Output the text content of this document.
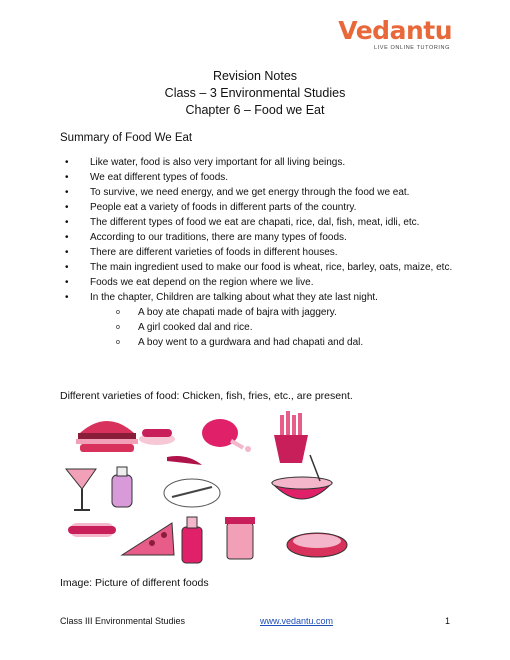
Vedantu
LIVE ONLINE TUTORING
Revision Notes
Class – 3 Environmental Studies
Chapter 6 – Food we Eat
Summary of Food We Eat
• Like water, food is also very important for all living beings.
• We eat different types of foods.
• To survive, we need energy, and we get energy through the food we eat.
• People eat a variety of foods in different parts of the country.
• The different types of food we eat are chapati, rice, dal, fish, meat, idli, etc.
• According to our traditions, there are many types of foods.
• There are different varieties of foods in different houses.
• The main ingredient used to make our food is wheat, rice, barley, oats, maize, etc.
• Foods we eat depend on the region where we live.
• In the chapter, Children are talking about what they ate last night.
o A boy ate chapati made of bajra with jaggery.
o A girl cooked dal and rice.
o A boy went to a gurdwara and had chapati and dal.
Different varieties of food: Chicken, fish, fries, etc., are present.
Image: Picture of different foods
Class III Environmental Studies	www.vedantu.com	1
